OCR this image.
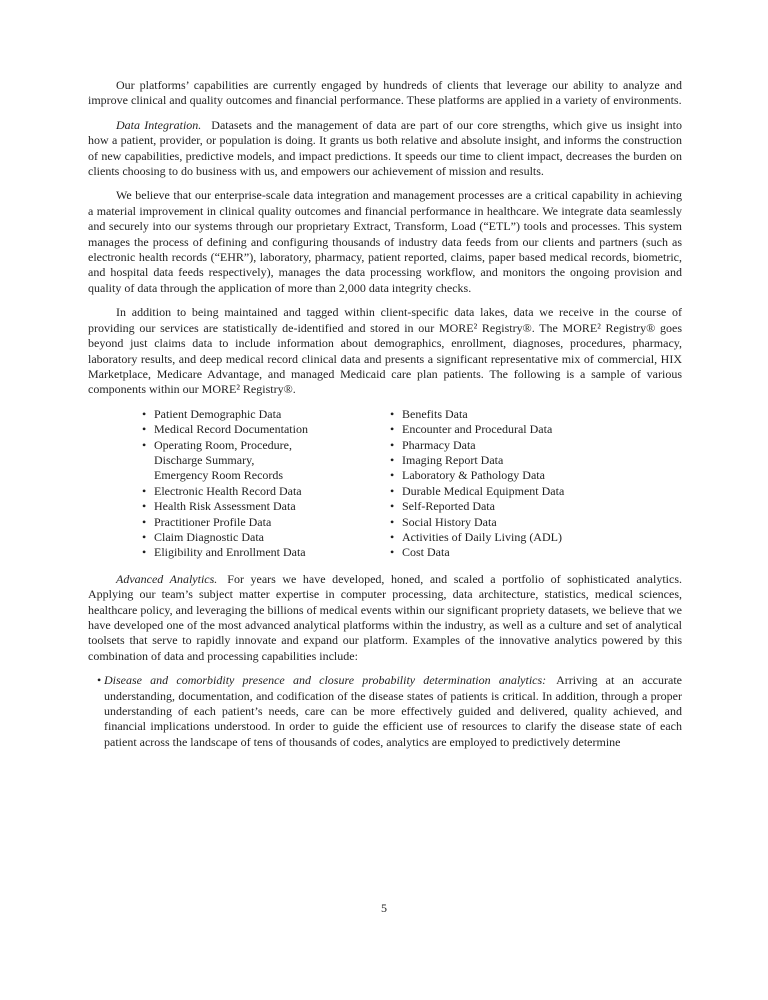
Our platforms’ capabilities are currently engaged by hundreds of clients that leverage our ability to analyze and improve clinical and quality outcomes and financial performance. These platforms are applied in a variety of environments.

Data Integration. Datasets and the management of data are part of our core strengths, which give us insight into how a patient, provider, or population is doing. It grants us both relative and absolute insight, and informs the construction of new capabilities, predictive models, and impact predictions. It speeds our time to client impact, decreases the burden on clients choosing to do business with us, and empowers our achievement of mission and results.

We believe that our enterprise-scale data integration and management processes are a critical capability in achieving a material improvement in clinical quality outcomes and financial performance in healthcare. We integrate data seamlessly and securely into our systems through our proprietary Extract, Transform, Load (“ETL”) tools and processes. This system manages the process of defining and configuring thousands of industry data feeds from our clients and partners (such as electronic health records (“EHR”), laboratory, pharmacy, patient reported, claims, paper based medical records, biometric, and hospital data feeds respectively), manages the data processing workflow, and monitors the ongoing provision and quality of data through the application of more than 2,000 data integrity checks.

In addition to being maintained and tagged within client-specific data lakes, data we receive in the course of providing our services are statistically de-identified and stored in our MORE² Registry®. The MORE² Registry® goes beyond just claims data to include information about demographics, enrollment, diagnoses, procedures, pharmacy, laboratory results, and deep medical record clinical data and presents a significant representative mix of commercial, HIX Marketplace, Medicare Advantage, and managed Medicaid care plan patients. The following is a sample of various components within our MORE² Registry®.

• Patient Demographic Data
• Medical Record Documentation
• Operating Room, Procedure,
Discharge Summary,
Emergency Room Records
• Electronic Health Record Data
• Health Risk Assessment Data
• Practitioner Profile Data
• Claim Diagnostic Data
• Eligibility and Enrollment Data
• Benefits Data
• Encounter and Procedural Data
• Pharmacy Data
• Imaging Report Data
• Laboratory & Pathology Data
• Durable Medical Equipment Data
• Self-Reported Data
• Social History Data
• Activities of Daily Living (ADL)
• Cost Data

Advanced Analytics. For years we have developed, honed, and scaled a portfolio of sophisticated analytics. Applying our team’s subject matter expertise in computer processing, data architecture, statistics, medical sciences, healthcare policy, and leveraging the billions of medical events within our significant propriety datasets, we believe that we have developed one of the most advanced analytical platforms within the industry, as well as a culture and set of analytical toolsets that serve to rapidly innovate and expand our platform. Examples of the innovative analytics powered by this combination of data and processing capabilities include:

• Disease and comorbidity presence and closure probability determination analytics: Arriving at an accurate understanding, documentation, and codification of the disease states of patients is critical. In addition, through a proper understanding of each patient’s needs, care can be more effectively guided and delivered, quality achieved, and financial implications understood. In order to guide the efficient use of resources to clarify the disease state of each patient across the landscape of tens of thousands of codes, analytics are employed to predictively determine
5
